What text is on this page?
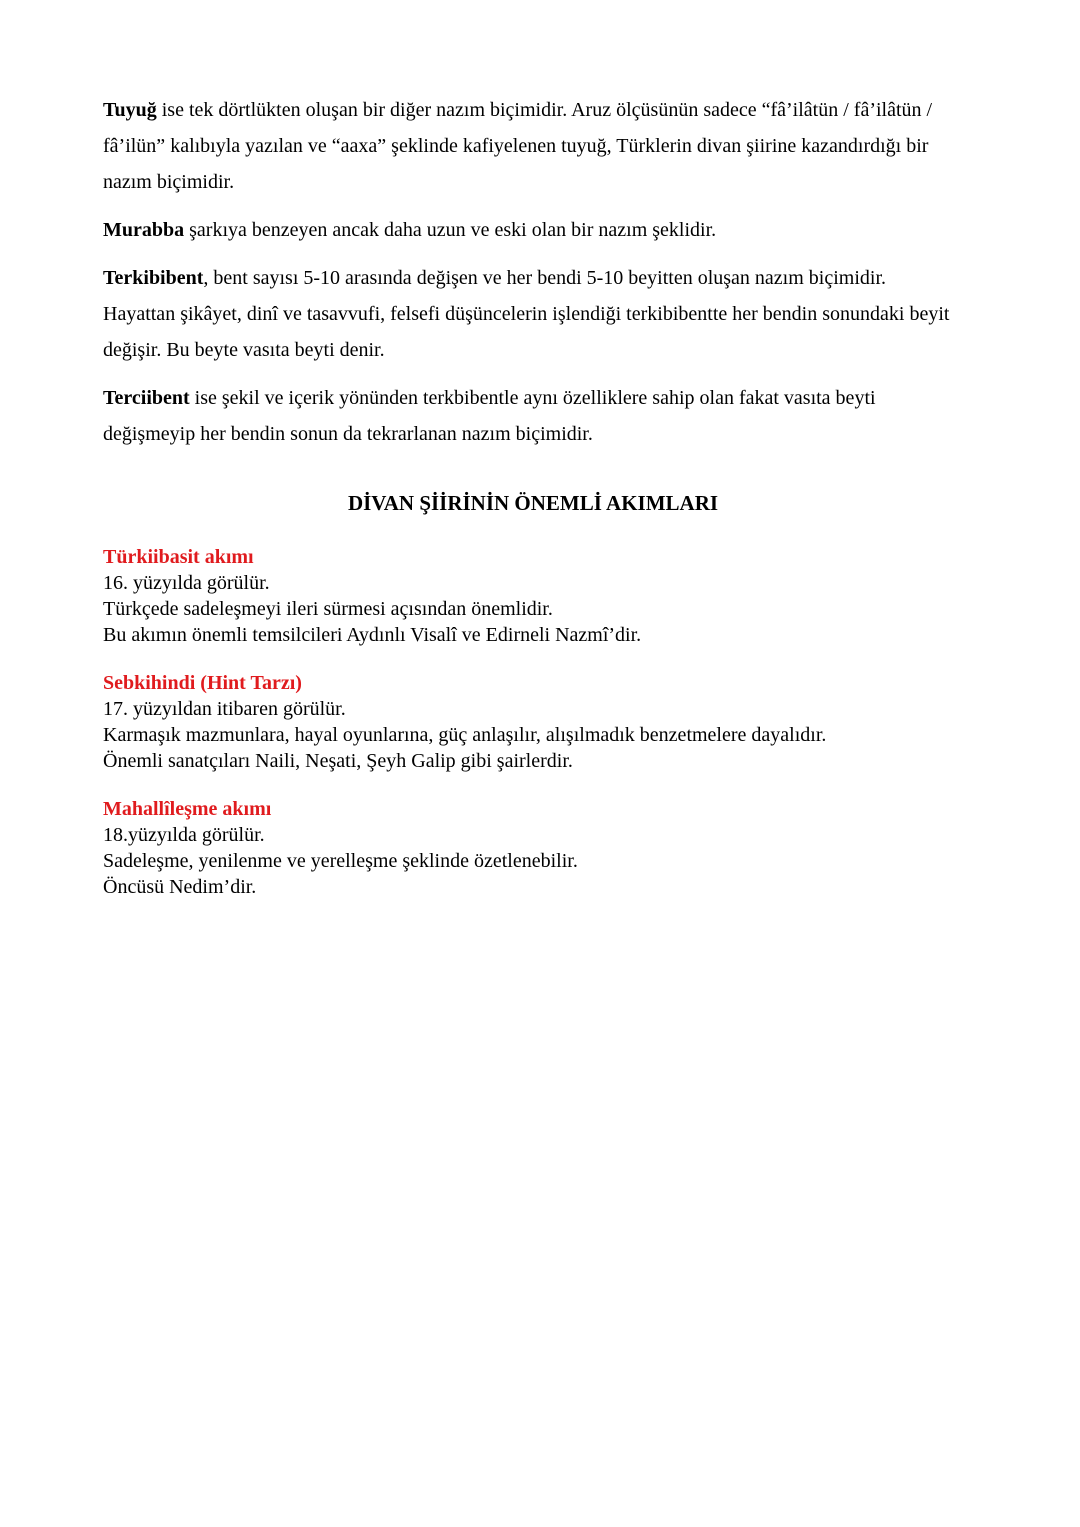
Tuyuğ ise tek dörtlükten oluşan bir diğer nazım biçimidir. Aruz ölçüsünün sadece “fâ’ilâtün / fâ’ilâtün / fâ’ilün” kalıbıyla yazılan ve “aaxa” şeklinde kafiyelenen tuyuğ, Türklerin divan şiirine kazandırdığı bir nazım biçimidir.

Murabba şarkıya benzeyen ancak daha uzun ve eski olan bir nazım şeklidir.

Terkibibent, bent sayısı 5-10 arasında değişen ve her bendi 5-10 beyitten oluşan nazım biçimidir. Hayattan şikâyet, dinî ve tasavvufi, felsefi düşüncelerin işlendiği terkibibentte her bendin sonundaki beyit değişir. Bu beyte vasıta beyti denir.

Terciibent ise şekil ve içerik yönünden terkbibentle aynı özelliklere sahip olan fakat vasıta beyti değişmeyip her bendin sonun da tekrarlanan nazım biçimidir.

DİVAN ŞİİRİNİN ÖNEMLİ AKIMLARI
Türkiibasit akımı
16. yüzyılda görülür.
Türkçede sadeleşmeyi ileri sürmesi açısından önemlidir.
Bu akımın önemli temsilcileri Aydınlı Visalî ve Edirneli Nazmî’dir.
Sebkihindi (Hint Tarzı)
17. yüzyıldan itibaren görülür.
Karmaşık mazmunlara, hayal oyunlarına, güç anlaşılır, alışılmadık benzetmelere dayalıdır.
Önemli sanatçıları Naili, Neşati, Şeyh Galip gibi şairlerdir.
Mahallîleşme akımı
18.yüzyılda görülür.
Sadeleşme, yenilenme ve yerelleşme şeklinde özetlenebilir.
Öncüsü Nedim’dir.
